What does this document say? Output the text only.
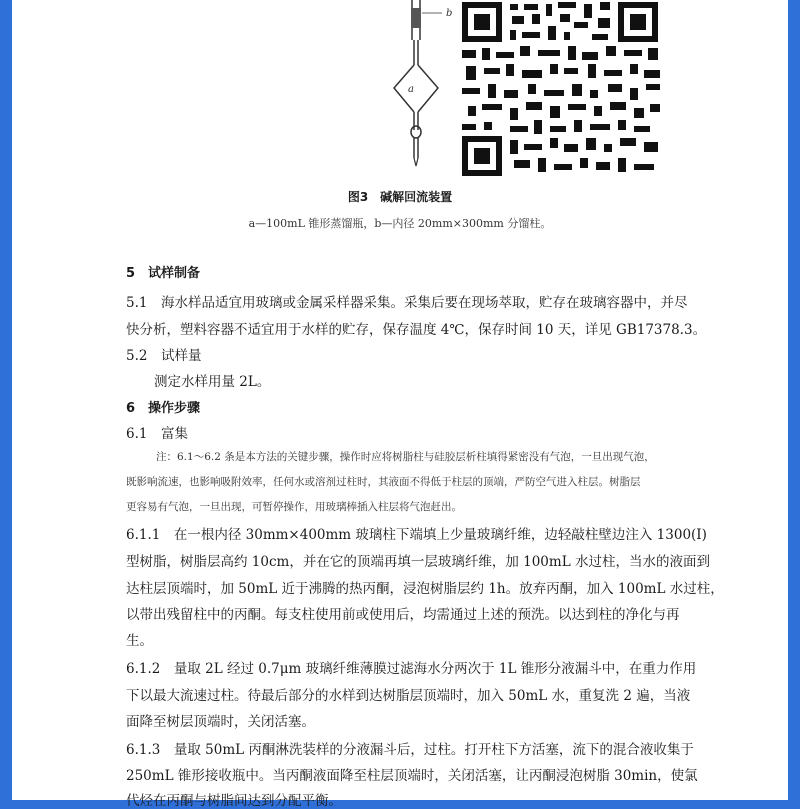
b
a
图3　碱解回流装置
a—100mL 锥形蒸馏瓶，b—内径 20mm×300mm 分馏柱。
5　试样制备
5.1　海水样品适宜用玻璃或金属采样器采集。采集后要在现场萃取，贮存在玻璃容器中，并尽
快分析，塑料容器不适宜用于水样的贮存，保存温度 4℃，保存时间 10 天，详见 GB17378.3。
5.2　试样量
测定水样用量 2L。
6　操作步骤
6.1　富集
注：6.1～6.2 条是本方法的关键步骤，操作时应将树脂柱与硅胶层析柱填得紧密没有气泡，一旦出现气泡，
既影响流速，也影响吸附效率，任何水或溶剂过柱时，其液面不得低于柱层的顶端，严防空气进入柱层。树脂层
更容易有气泡，一旦出现，可暂停操作，用玻璃棒插入柱层将气泡赶出。
6.1.1　在一根内径 30mm×400mm 玻璃柱下端填上少量玻璃纤维，边轻敲柱壁边注入 1300(Ⅰ)
型树脂，树脂层高约 10cm，并在它的顶端再填一层玻璃纤维，加 100mL 水过柱，当水的液面到
达柱层顶端时，加 50mL 近于沸腾的热丙酮，浸泡树脂层约 1h。放弃丙酮，加入 100mL 水过柱，
以带出残留柱中的丙酮。每支柱使用前或使用后，均需通过上述的预洗。以达到柱的净化与再
生。
6.1.2　量取 2L 经过 0.7μm 玻璃纤维薄膜过滤海水分两次于 1L 锥形分液漏斗中，在重力作用
下以最大流速过柱。待最后部分的水样到达树脂层顶端时，加入 50mL 水，重复洗 2 遍，当液
面降至树层顶端时，关闭活塞。
6.1.3　量取 50mL 丙酮淋洗装样的分液漏斗后，过柱。打开柱下方活塞，流下的混合液收集于
250mL 锥形接收瓶中。当丙酮液面降至柱层顶端时，关闭活塞，让丙酮浸泡树脂 30min，使氯
代烃在丙酮与树脂间达到分配平衡。
